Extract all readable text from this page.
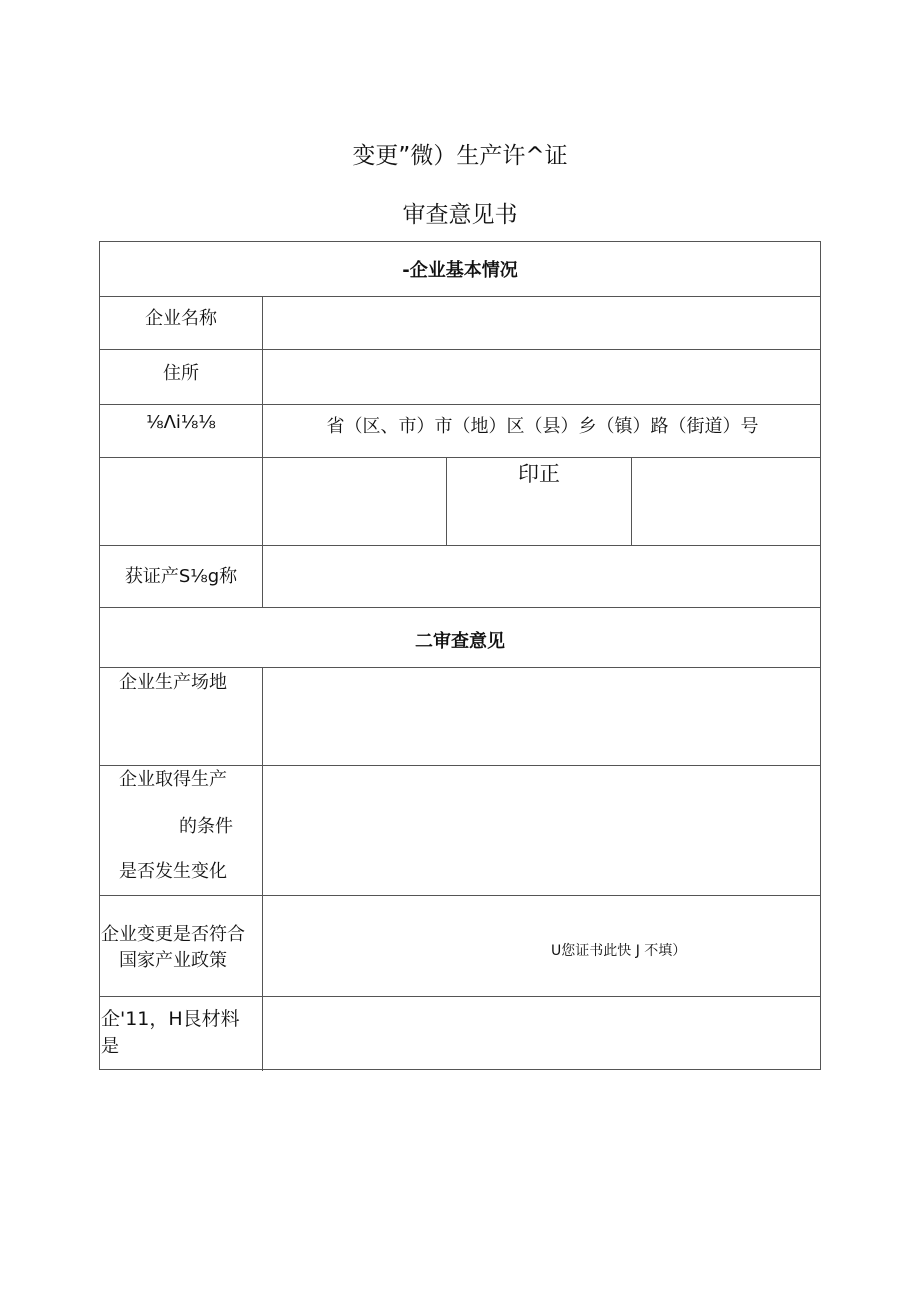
变更”微）生产许^证
审查意见书
-企业基本情况
企业名称
住所
⅛Λi⅛⅛	省（区、市）市（地）区（县）乡（镇）路（街道）号
印正
获证产S⅛g称
二审查意见
企业生产场地
企业取得生产
的条件
是否发生变化
企业变更是否符合
国家产业政策	U您证书此快 J 不填）
企'11，H艮材料
是
